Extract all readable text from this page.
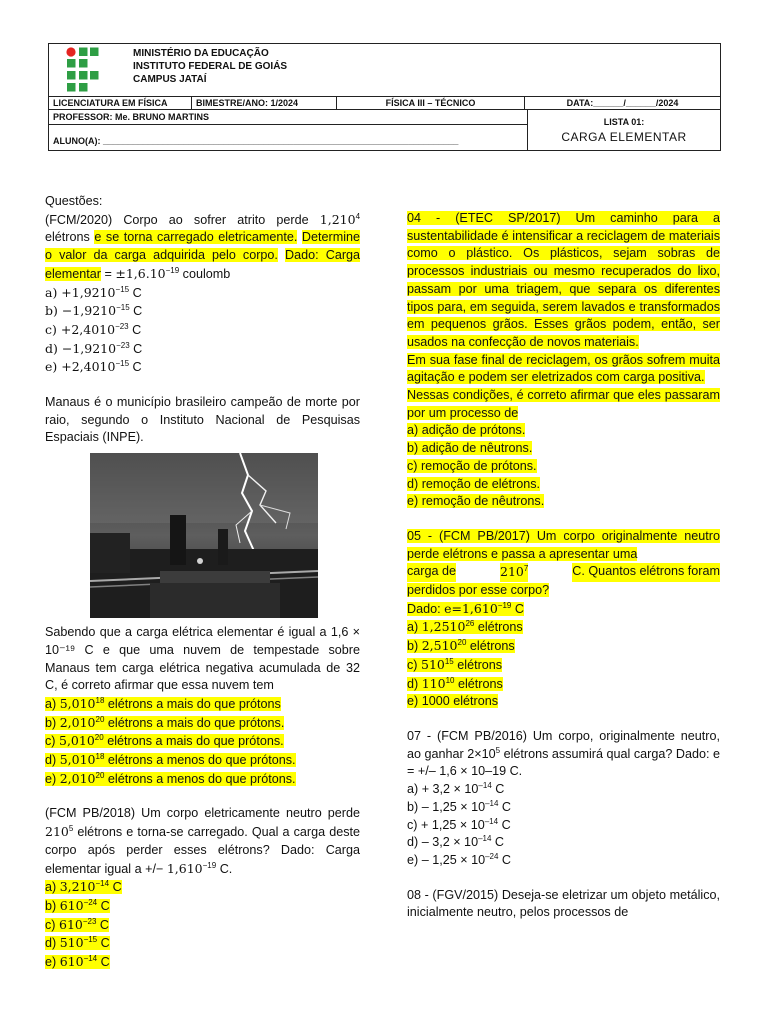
MINISTÉRIO DA EDUCAÇÃO
INSTITUTO FEDERAL DE GOIÁS
CAMPUS JATAÍ
LICENCIATURA EM FÍSICA	BIMESTRE/ANO: 1/2024	FÍSICA III – TÉCNICO	DATA:______/______/2024
PROFESSOR: Me. BRUNO MARTINS
ALUNO(A): _______________________________________________________________________
LISTA 01:
CARGA ELEMENTAR

Questões:

(FCM/2020) Corpo ao sofrer atrito perde 1,210$^4$ elétrons e se torna carregado eletricamente. Determine o valor da carga adquirida pelo corpo. Dado: Carga elementar = $\pm 1,6.10^{-19}$ coulomb

$a) +1,9210^{-15}$ C

$b) -1,9210^{-15}$ C

$c) +2,4010^{-23}$ C

$d) -1,9210^{-23}$ C

$e) +2,4010^{-15}$ C

Manaus é o município brasileiro campeão de morte por raio, segundo o Instituto Nacional de Pesquisas Espaciais (INPE).

Sabendo que a carga elétrica elementar é igual a 1,6 × 10⁻¹⁹ C e que uma nuvem de tempestade sobre Manaus tem carga elétrica negativa acumulada de 32 C, é correto afirmar que essa nuvem tem

a) 5,010$^{18}$ elétrons a mais do que prótons

b) 2,010$^{20}$ elétrons a mais do que prótons.

c) 5,010$^{20}$ elétrons a mais do que prótons.

d) 5,010$^{18}$ elétrons a menos do que prótons.

e) 2,010$^{20}$ elétrons a menos do que prótons.

(FCM PB/2018) Um corpo eletricamente neutro perde $210^5$ elétrons e torna-se carregado. Qual a carga deste corpo após perder esses elétrons? Dado: Carga elementar igual a +/− $1,610^{-19}$ C.

a) $3,210^{-14}$ C

b) $610^{-24}$ C

c) $610^{-23}$ C

d) $510^{-15}$ C

e) $610^{-14}$ C

04 - (ETEC SP/2017) Um caminho para a sustentabilidade é intensificar a reciclagem de materiais como o plástico. Os plásticos, sejam sobras de processos industriais ou mesmo recuperados do lixo, passam por uma triagem, que separa os diferentes tipos para, em seguida, serem lavados e transformados em pequenos grãos. Esses grãos podem, então, ser usados na confecção de novos materiais.

Em sua fase final de reciclagem, os grãos sofrem muita agitação e podem ser eletrizados com carga positiva.

Nessas condições, é correto afirmar que eles passaram por um processo de

a) adição de prótons.

b) adição de nêutrons.

c) remoção de prótons.

d) remoção de elétrons.

e) remoção de nêutrons.

05 - (FCM PB/2017) Um corpo originalmente neutro perde elétrons e passa a apresentar uma

carga de	$210^7$	C. Quantos elétrons foram

perdidos por esse corpo?

Dado: $e=1,610^{-19}$ C

a) 1,2510$^{26}$ elétrons

b) 2,510$^{20}$ elétrons

c) $510^{15}$ elétrons

d) $110^{10}$ elétrons

e) 1000 elétrons

07 - (FCM PB/2016) Um corpo, originalmente neutro, ao ganhar $2\times 10^5$ elétrons assumirá qual carga? Dado: e = +/– 1,6 × 10–19 C.

$a) + 3,2 \times 10^{-14}$ C

$b) - 1,25 \times 10^{-14}$ C

$c) + 1,25 \times 10^{-14}$ C

$d) - 3,2 \times 10^{-14}$ C

$e) - 1,25 \times 10^{-24}$ C

08 - (FGV/2015) Deseja-se eletrizar um objeto metálico, inicialmente neutro, pelos processos de
